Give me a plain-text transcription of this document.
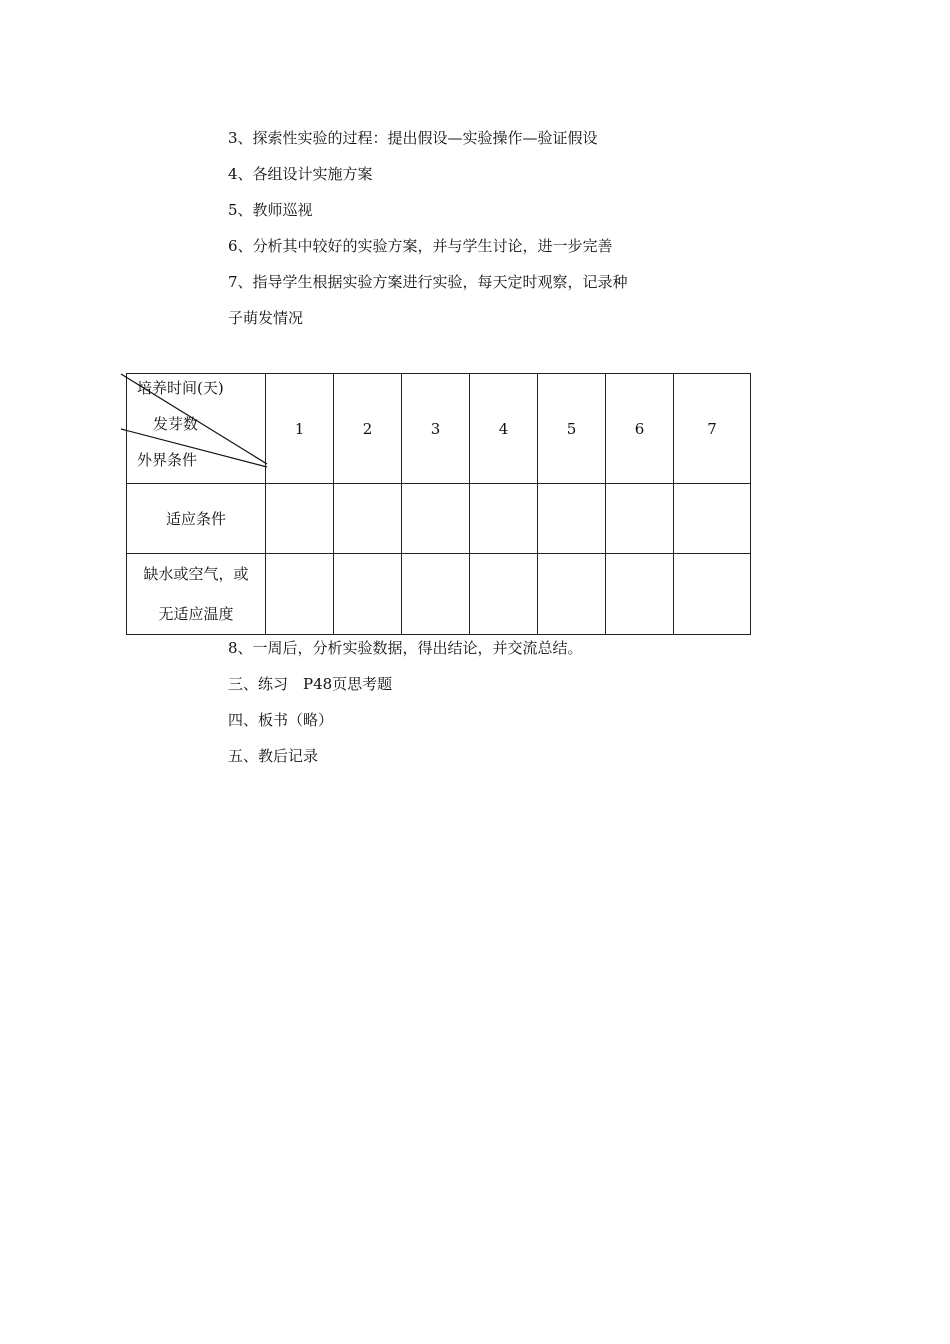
3、探索性实验的过程：提出假设—实验操作—验证假设
4、各组设计实施方案
5、教师巡视
6、分析其中较好的实验方案，并与学生讨论，进一步完善
7、指导学生根据实验方案进行实验，每天定时观察，记录种
子萌发情况
培养时间(天)
发芽数
外界条件	1	2	3	4	5	6	7
适应条件							

缺水或空气，或
无适应温度							

8、一周后，分析实验数据，得出结论，并交流总结。
三、练习　P48页思考题
四、板书（略）
五、教后记录
